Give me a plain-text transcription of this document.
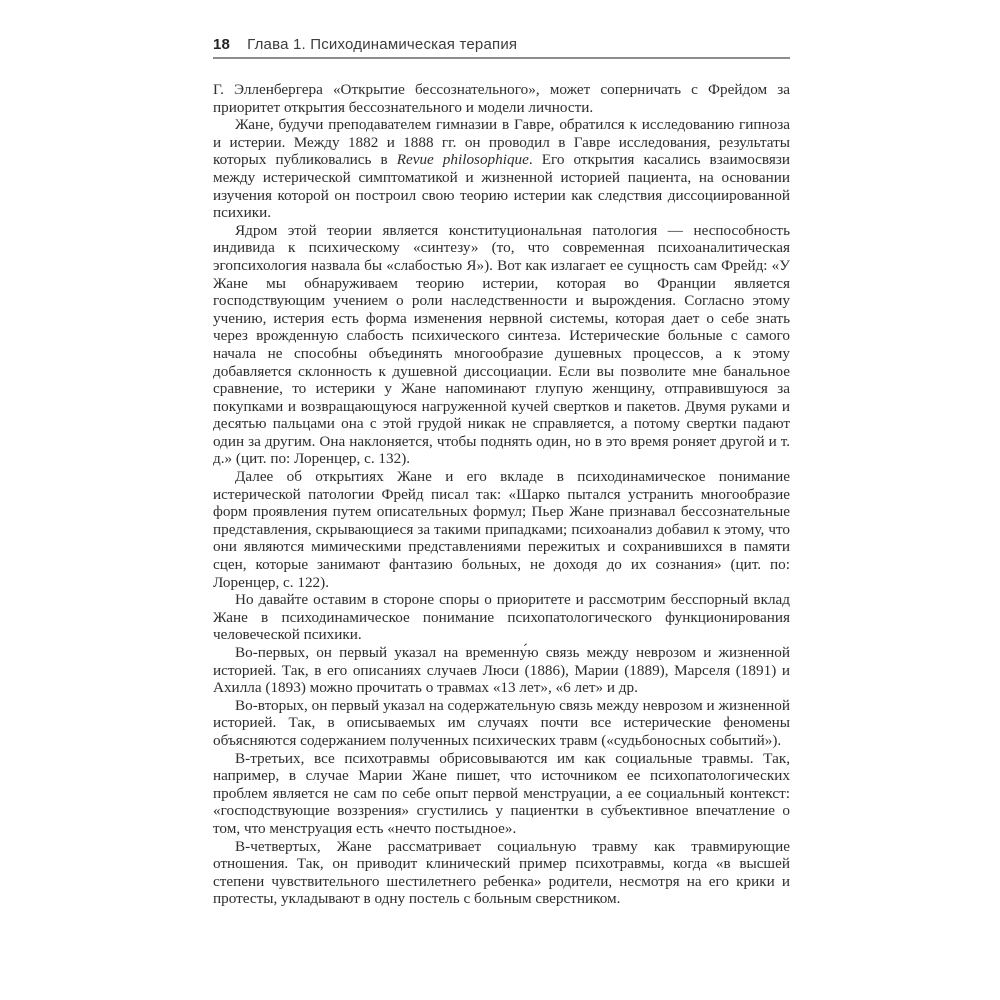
18 Глава 1. Психодинамическая терапия

Г. Элленбергера «Открытие бессознательного», может соперничать с Фрейдом за приоритет открытия бессознательного и модели личности.

Жане, будучи преподавателем гимназии в Гавре, обратился к исследованию гипноза и истерии. Между 1882 и 1888 гг. он проводил в Гавре исследования, результаты которых публиковались в Revue philosophique. Его открытия касались взаимосвязи между истерической симптоматикой и жизненной историей пациента, на основании изучения которой он построил свою теорию истерии как следствия диссоциированной психики.

Ядром этой теории является конституциональная патология — неспособность индивида к психическому «синтезу» (то, что современная психоаналитическая эгопсихология назвала бы «слабостью Я»). Вот как излагает ее сущность сам Фрейд: «У Жане мы обнаруживаем теорию истерии, которая во Франции является господствующим учением о роли наследственности и вырождения. Согласно этому учению, истерия есть форма изменения нервной системы, которая дает о себе знать через врожденную слабость психического синтеза. Истерические больные с самого начала не способны объединять многообразие душевных процессов, а к этому добавляется склонность к душевной диссоциации. Если вы позволите мне банальное сравнение, то истерики у Жане напоминают глупую женщину, отправившуюся за покупками и возвращающуюся нагруженной кучей свертков и пакетов. Двумя руками и десятью пальцами она с этой грудой никак не справляется, а потому свертки падают один за другим. Она наклоняется, чтобы поднять один, но в это время роняет другой и т. д.» (цит. по: Лоренцер, с. 132).

Далее об открытиях Жане и его вкладе в психодинамическое понимание истерической патологии Фрейд писал так: «Шарко пытался устранить многообразие форм проявления путем описательных формул; Пьер Жане признавал бессознательные представления, скрывающиеся за такими припадками; психоанализ добавил к этому, что они являются мимическими представлениями пережитых и сохранившихся в памяти сцен, которые занимают фантазию больных, не доходя до их сознания» (цит. по: Лоренцер, с. 122).

Но давайте оставим в стороне споры о приоритете и рассмотрим бесспорный вклад Жане в психодинамическое понимание психопатологического функционирования человеческой психики.

Во-первых, он первый указал на временну́ю связь между неврозом и жизненной историей. Так, в его описаниях случаев Люси (1886), Марии (1889), Марселя (1891) и Ахилла (1893) можно прочитать о травмах «13 лет», «6 лет» и др.

Во-вторых, он первый указал на содержательную связь между неврозом и жизненной историей. Так, в описываемых им случаях почти все истерические феномены объясняются содержанием полученных психических травм («судьбоносных событий»).

В-третьих, все психотравмы обрисовываются им как социальные травмы. Так, например, в случае Марии Жане пишет, что источником ее психопатологических проблем является не сам по себе опыт первой менструации, а ее социальный контекст: «господствующие воззрения» сгустились у пациентки в субъективное впечатление о том, что менструация есть «нечто постыдное».

В-четвертых, Жане рассматривает социальную травму как травмирующие отношения. Так, он приводит клинический пример психотравмы, когда «в высшей степени чувствительного шестилетнего ребенка» родители, несмотря на его крики и протесты, укладывают в одну постель с больным сверстником.
